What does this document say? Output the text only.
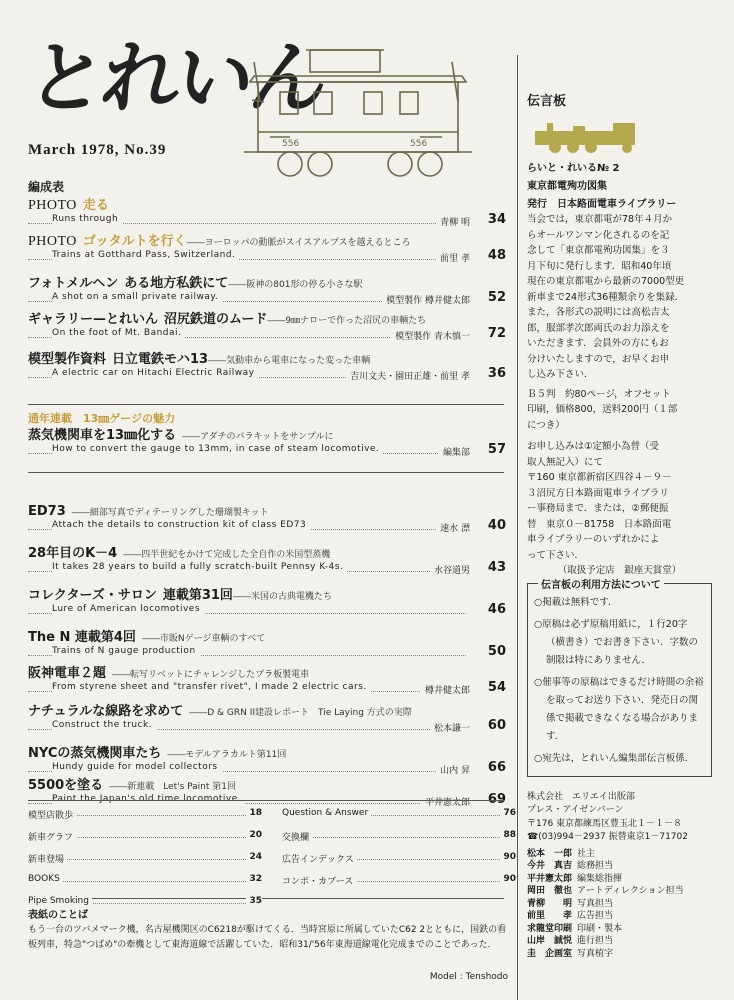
とれいん
March 1978, No.39	556	556
編成表
PHOTO 走る
Runs through	青柳 明 34
PHOTO ゴッタルトを行く――ヨーロッパの動脈がスイスアルプスを越えるところ
Trains at Gotthard Pass, Switzerland.	前里 孝 48
フォトメルヘン ある地方私鉄にて――阪神の801形の停る小さな駅
A shot on a small private railway.	模型製作 樽井健太郎 52
ギャラリー—とれいん 沼尻鉄道のムード――9㎜ナローで作った沼尻の車輌たち
On the foot of Mt. Bandai.	模型製作 青木慎一 72
模型製作資料 日立電鉄モハ13――気動車から電車になった変った車輌
A electric car on Hitachi Electric Railway	吉川文夫・園田正雄・前里 孝 36
蒸気機関車を13㎜化する ――アダチのパラキットをサンプルに
How to convert the gauge to 13mm, in case of steam locomotive.	編集部 57
ED73 ――細部写真でディテーリングした珊瑚製キット
Attach the details to construction kit of class ED73	速水 漂 40
28年目のK－4 ――四半世紀をかけて完成した全自作の米国型蒸機
It takes 28 years to build a fully scratch-built Pennsy K-4s.	水谷道男 43
コレクターズ・サロン 連載第31回――米国の古典電機たち
Lure of American locomotives	46
The N 連載第4回 ――市販Nゲージ車輌のすべて
Trains of N gauge production	50
阪神電車２題 ――転写リベットにチャレンジしたプラ板製電車
From styrene sheet and "transfer rivet", I made 2 electric cars.	樽井健太郎 54
ナチュラルな線路を求めて ――D & GRN II建設レポート　Tie Laying 方式の実際
Construct the truck.	松本謙一 60
NYCの蒸気機関車たち ――モデルアラカルト第11回
Hundy guide for model collectors	山内 昇 66
5500を塗る ――新連載　Let's Paint 第1回
Paint the Japan's old time locomotive.	平井憲太郎 69
通年連載　13㎜ゲージの魅力
模型店散歩	18 Question & Answer	76
新車グラフ	20 交換欄	88
新車登場	24 広告インデックス	90
BOOKS	32 コンポ・カブース	90
Pipe Smoking	35
表紙のことば
もう一台のツバメマーク機，名古屋機関区のC6218が駆けてくる．当時宮原に所属していたC62 2とともに，国鉄の看板列車，特急"つばめ"の牽機として東海道線で活躍していた．昭和31/'56年東海道線電化完成までのことであった．
Model : Tenshodo
伝言板
らいと・れいる№ 2
東京都電殉功図集
発行　日本路面電車ライブラリー
当会では，東京都電が78年４月か
らオールワンマン化されるのを記
念して「東京都電殉功図集」を３
月下旬に発行します．昭和40年頃
現在の東京都電から最新の7000型更
新車まで24形式36種類余りを集録．
また，各形式の説明には高松吉太
郎，服部孝次郎両氏のお力添えを
いただきます．会員外の方にもお
分けいたしますので，お早くお申
し込み下さい．
Ｂ５判　約80ページ，オフセット
印刷，価格800，送料200円（１部
につき）
お申し込みは①定額小為替（受
取人無記入）にて
〒160 東京都新宿区四谷４－９－
３沼尻方日本路面電車ライブラリ
ー事務局まで．または，②郵便振
替　東京０－81758　日本路面電
車ライブラリーのいずれかによ
って下さい．
（取扱予定店　銀座天賞堂）
伝言板の利用方法について
○掲載は無料です．
○原稿は必ず原稿用紙に，１行20字（横書き）でお書き下さい．字数の制限は特にありません．
○催事等の原稿はできるだけ時間の余裕を取ってお送り下さい．発売日の関係で掲載できなくなる場合があります．
○宛先は，とれいん編集部伝言板係．
株式会社　エリエイ出版部
プレス・アイゼンバーン
〒176 東京都練馬区豊玉北１－１－８
☎(03)994－2937 振替東京1－71702
松本　一郎 社主
今井　真吉 総務担当
平井憲太郎 編集総指揮
岡田　徹也 アートディレクション担当
青柳　　明 写真担当
前里　　孝 広告担当
求龍堂印刷 印刷・製本
山岸　誠悦 進行担当
圭　企画室 写真植字
